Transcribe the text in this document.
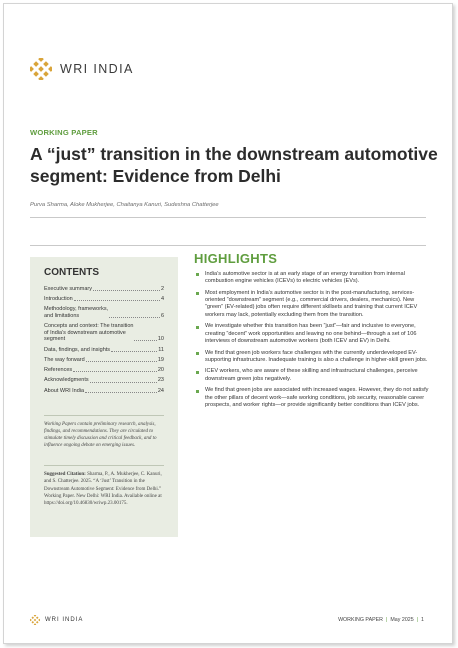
WRI INDIA
WORKING PAPER
A “just” transition in the downstream automotive segment: Evidence from Delhi
Purva Sharma, Aloke Mukherjee, Chaitanya Kanuri, Sudeshna Chatterjee
CONTENTS
Executive summary	2
Introduction	4
Methodology, frameworks,
and limitations	6
Concepts and context: The transition
of India’s downstream automotive
segment	10
Data, findings, and insights	11
The way forward	19
References	20
Acknowledgments	23
About WRI India	24
Working Papers contain preliminary research, analysis, findings, and recommendations. They are circulated to stimulate timely discussion and critical feedback, and to influence ongoing debate on emerging issues.
Suggested Citation: Sharma, P., A. Mukherjee, C. Kanuri, and S. Chatterjee. 2025. “A ‘Just’ Transition in the Downstream Automotive Segment: Evidence from Delhi.” Working Paper. New Delhi: WRI India. Available online at https://doi.org/10.46830/wriwp.23.00175.
HIGHLIGHTS
India’s automotive sector is at an early stage of an energy transition from internal combustion engine vehicles (ICEVs) to electric vehicles (EVs).
Most employment in India’s automotive sector is in the post-manufacturing, services-oriented “downstream” segment (e.g., commercial drivers, dealers, mechanics). New “green” (EV-related) jobs often require different skillsets and training that current ICEV workers may lack, potentially excluding them from the transition.
We investigate whether this transition has been “just”—fair and inclusive to everyone, creating “decent” work opportunities and leaving no one behind—through a set of 106 interviews of downstream automotive workers (both ICEV and EV) in Delhi.
We find that green job workers face challenges with the currently underdeveloped EV-supporting infrastructure. Inadequate training is also a challenge in higher-skill green jobs.
ICEV workers, who are aware of these skilling and infrastructural challenges, perceive downstream green jobs negatively.
We find that green jobs are associated with increased wages. However, they do not satisfy the other pillars of decent work—safe working conditions, job security, reasonable career prospects, and worker rights—or provide significantly better conditions than ICEV jobs.
WRI INDIA	WORKING PAPER | May 2025 | 1
